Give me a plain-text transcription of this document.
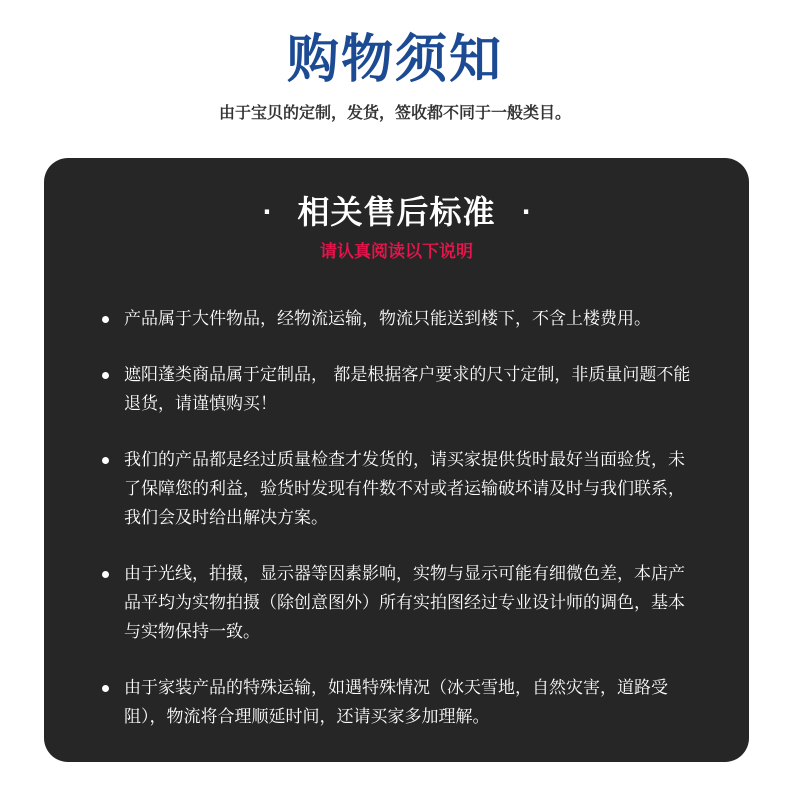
购物须知
由于宝贝的定制，发货，签收都不同于一般类目。
· 相关售后标准	·
请认真阅读以下说明
产品属于大件物品，经物流运输，物流只能送到楼下，不含上楼费用。
遮阳蓬类商品属于定制品， 都是根据客户要求的尺寸定制，非质量问题不能退货，请谨慎购买！
我们的产品都是经过质量检查才发货的，请买家提供货时最好当面验货，未了保障您的利益，验货时发现有件数不对或者运输破坏请及时与我们联系，我们会及时给出解决方案。
由于光线，拍摄，显示器等因素影响，实物与显示可能有细微色差，本店产品平均为实物拍摄（除创意图外）所有实拍图经过专业设计师的调色，基本与实物保持一致。
由于家装产品的特殊运输，如遇特殊情况（冰天雪地，自然灾害，道路受阻），物流将合理顺延时间，还请买家多加理解。
